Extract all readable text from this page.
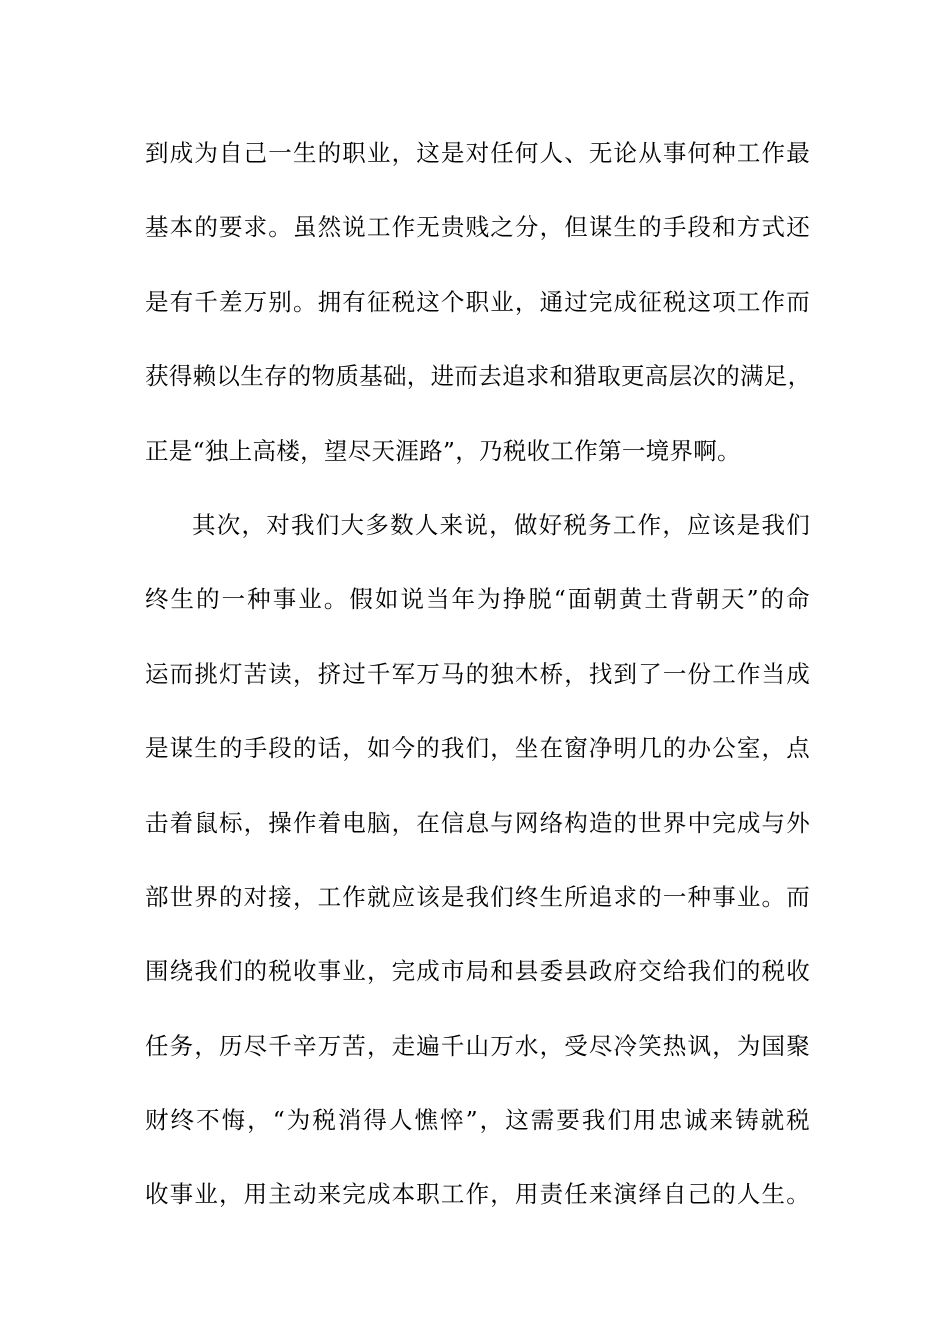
到成为自己一生的职业，这是对任何人、无论从事何种工作最
基本的要求。虽然说工作无贵贱之分，但谋生的手段和方式还
是有千差万别。拥有征税这个职业，通过完成征税这项工作而
获得赖以生存的物质基础，进而去追求和猎取更高层次的满足，
正是“独上高楼，望尽天涯路”，乃税收工作第一境界啊。
其次，对我们大多数人来说，做好税务工作，应该是我们
终生的一种事业。假如说当年为挣脱“面朝黄土背朝天”的命
运而挑灯苦读，挤过千军万马的独木桥，找到了一份工作当成
是谋生的手段的话，如今的我们，坐在窗净明几的办公室，点
击着鼠标，操作着电脑，在信息与网络构造的世界中完成与外
部世界的对接，工作就应该是我们终生所追求的一种事业。而
围绕我们的税收事业，完成市局和县委县政府交给我们的税收
任务，历尽千辛万苦，走遍千山万水，受尽冷笑热讽，为国聚
财终不悔，“为税消得人憔悴”，这需要我们用忠诚来铸就税
收事业，用主动来完成本职工作，用责任来演绎自己的人生。
